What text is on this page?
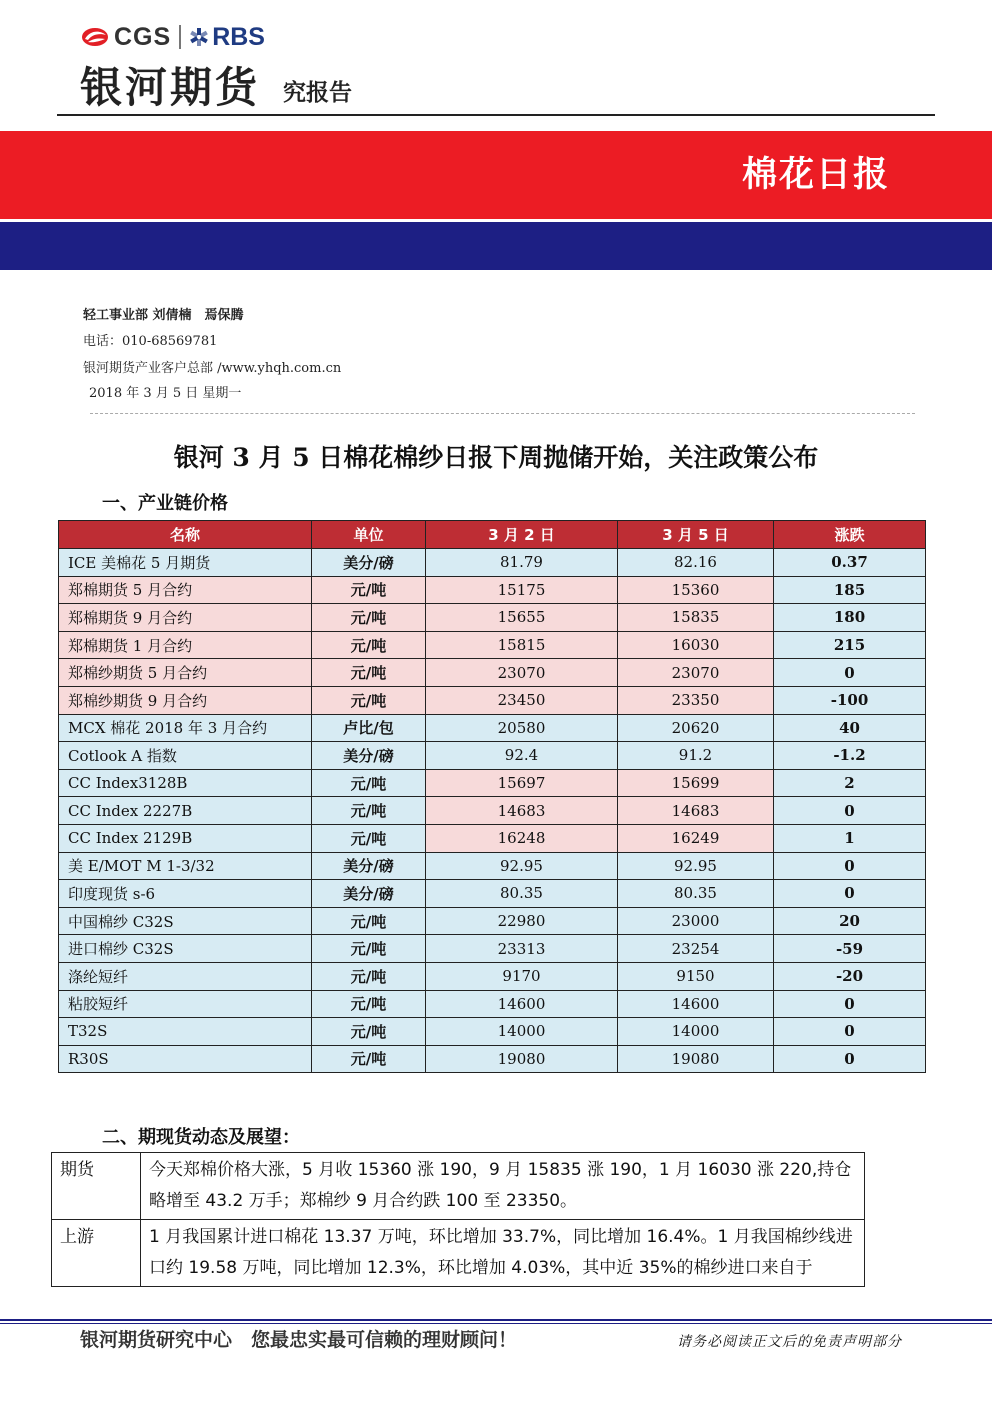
CGS RBS
银河期货 究报告
棉花日报
轻工事业部 刘倩楠　焉保腾
电话：010-68569781
银河期货产业客户总部 /www.yhqh.com.cn
2018 年 3 月 5 日 星期一
银河 3 月 5 日棉花棉纱日报下周抛储开始，关注政策公布
一、产业链价格
名称	单位	3 月 2 日	3 月 5 日	涨跌
ICE 美棉花 5 月期货	美分/磅	81.79	82.16	0.37
郑棉期货 5 月合约	元/吨	15175	15360	185
郑棉期货 9 月合约	元/吨	15655	15835	180
郑棉期货 1 月合约	元/吨	15815	16030	215
郑棉纱期货 5 月合约	元/吨	23070	23070	0
郑棉纱期货 9 月合约	元/吨	23450	23350	-100
MCX 棉花 2018 年 3 月合约	卢比/包	20580	20620	40
Cotlook A 指数	美分/磅	92.4	91.2	-1.2
CC Index3128B	元/吨	15697	15699	2
CC Index 2227B	元/吨	14683	14683	0
CC Index 2129B	元/吨	16248	16249	1
美 E/MOT M 1-3/32	美分/磅	92.95	92.95	0
印度现货 s-6	美分/磅	80.35	80.35	0
中国棉纱 C32S	元/吨	22980	23000	20
进口棉纱 C32S	元/吨	23313	23254	-59
涤纶短纤	元/吨	9170	9150	-20
粘胶短纤	元/吨	14600	14600	0
T32S	元/吨	14000	14000	0
R30S	元/吨	19080	19080	0
二、期现货动态及展望：
期货	今天郑棉价格大涨，5 月收 15360 涨 190，9 月 15835 涨 190，1 月 16030 涨 220,持仓略增至 43.2 万手；郑棉纱 9 月合约跌 100 至 23350。
上游	1 月我国累计进口棉花 13.37 万吨，环比增加 33.7%，同比增加 16.4%。1 月我国棉纱线进口约 19.58 万吨，同比增加 12.3%，环比增加 4.03%，其中近 35%的棉纱进口来自于
银河期货研究中心　您最忠实最可信赖的理财顾问！	请务必阅读正文后的免责声明部分
